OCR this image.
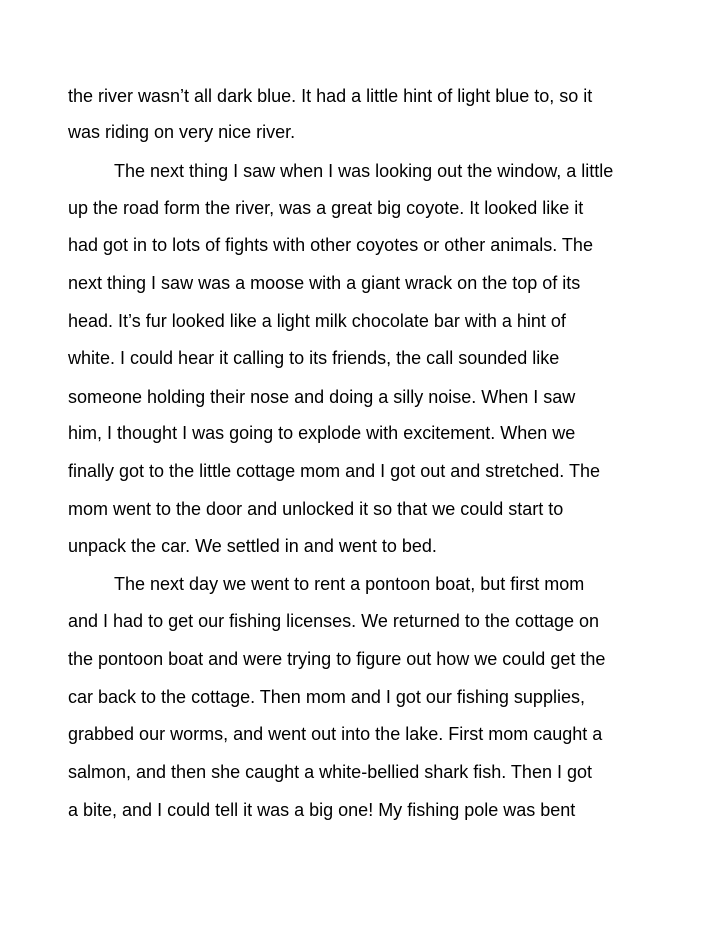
the river wasn’t all dark blue. It had a little hint of light blue to, so it
was riding on very nice river.
The next thing I saw when I was looking out the window, a little
up the road form the river, was a great big coyote. It looked like it
had got in to lots of fights with other coyotes or other animals. The
next thing I saw was a moose with a giant wrack on the top of its
head. It’s fur looked like a light milk chocolate bar with a hint of
white. I could hear it calling to its friends, the call sounded like
someone holding their nose and doing a silly noise. When I saw
him, I thought I was going to explode with excitement. When we
finally got to the little cottage mom and I got out and stretched. The
mom went to the door and unlocked it so that we could start to
unpack the car. We settled in and went to bed.
The next day we went to rent a pontoon boat, but first mom
and I had to get our fishing licenses. We returned to the cottage on
the pontoon boat and were trying to figure out how we could get the
car back to the cottage. Then mom and I got our fishing supplies,
grabbed our worms, and went out into the lake. First mom caught a
salmon, and then she caught a white-bellied shark fish. Then I got
a bite, and I could tell it was a big one! My fishing pole was bent
